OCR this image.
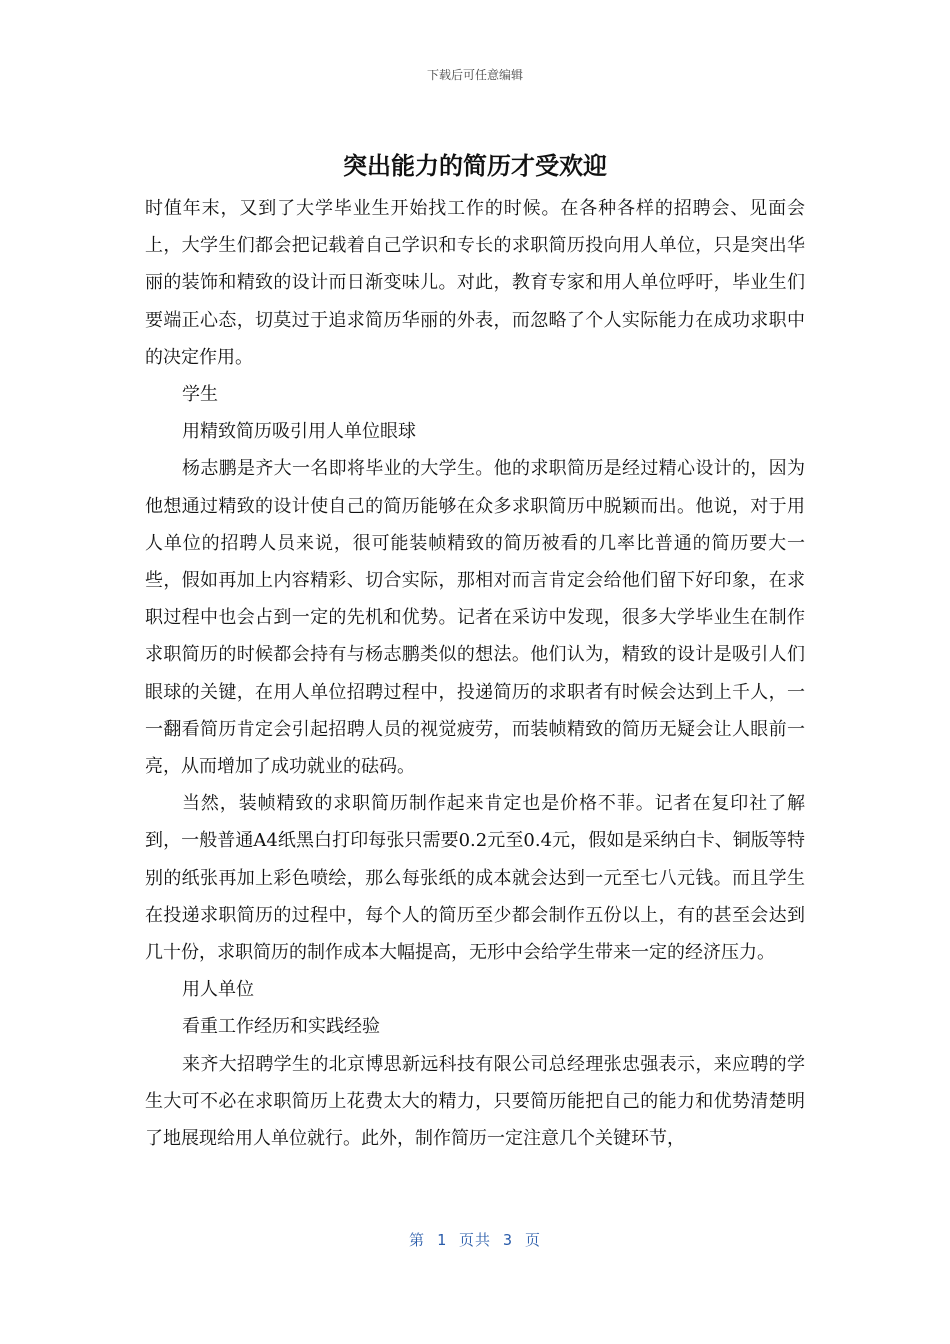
下载后可任意编辑
突出能力的简历才受欢迎

时值年末，又到了大学毕业生开始找工作的时候。在各种各样的招聘会、见面会上，大学生们都会把记载着自己学识和专长的求职简历投向用人单位，只是突出华丽的装饰和精致的设计而日渐变味儿。对此，教育专家和用人单位呼吁，毕业生们要端正心态，切莫过于追求简历华丽的外表，而忽略了个人实际能力在成功求职中的决定作用。

学生

用精致简历吸引用人单位眼球

杨志鹏是齐大一名即将毕业的大学生。他的求职简历是经过精心设计的，因为他想通过精致的设计使自己的简历能够在众多求职简历中脱颖而出。他说，对于用人单位的招聘人员来说，很可能装帧精致的简历被看的几率比普通的简历要大一些，假如再加上内容精彩、切合实际，那相对而言肯定会给他们留下好印象，在求职过程中也会占到一定的先机和优势。记者在采访中发现，很多大学毕业生在制作求职简历的时候都会持有与杨志鹏类似的想法。他们认为，精致的设计是吸引人们眼球的关键，在用人单位招聘过程中，投递简历的求职者有时候会达到上千人，一一翻看简历肯定会引起招聘人员的视觉疲劳，而装帧精致的简历无疑会让人眼前一亮，从而增加了成功就业的砝码。

当然，装帧精致的求职简历制作起来肯定也是价格不菲。记者在复印社了解到，一般普通A4纸黑白打印每张只需要0.2元至0.4元，假如是采纳白卡、铜版等特别的纸张再加上彩色喷绘，那么每张纸的成本就会达到一元至七八元钱。而且学生在投递求职简历的过程中，每个人的简历至少都会制作五份以上，有的甚至会达到几十份，求职简历的制作成本大幅提高，无形中会给学生带来一定的经济压力。

用人单位

看重工作经历和实践经验

来齐大招聘学生的北京博思新远科技有限公司总经理张忠强表示，来应聘的学生大可不必在求职简历上花费太大的精力，只要简历能把自己的能力和优势清楚明了地展现给用人单位就行。此外，制作简历一定注意几个关键环节，

第 1 页共 3 页
